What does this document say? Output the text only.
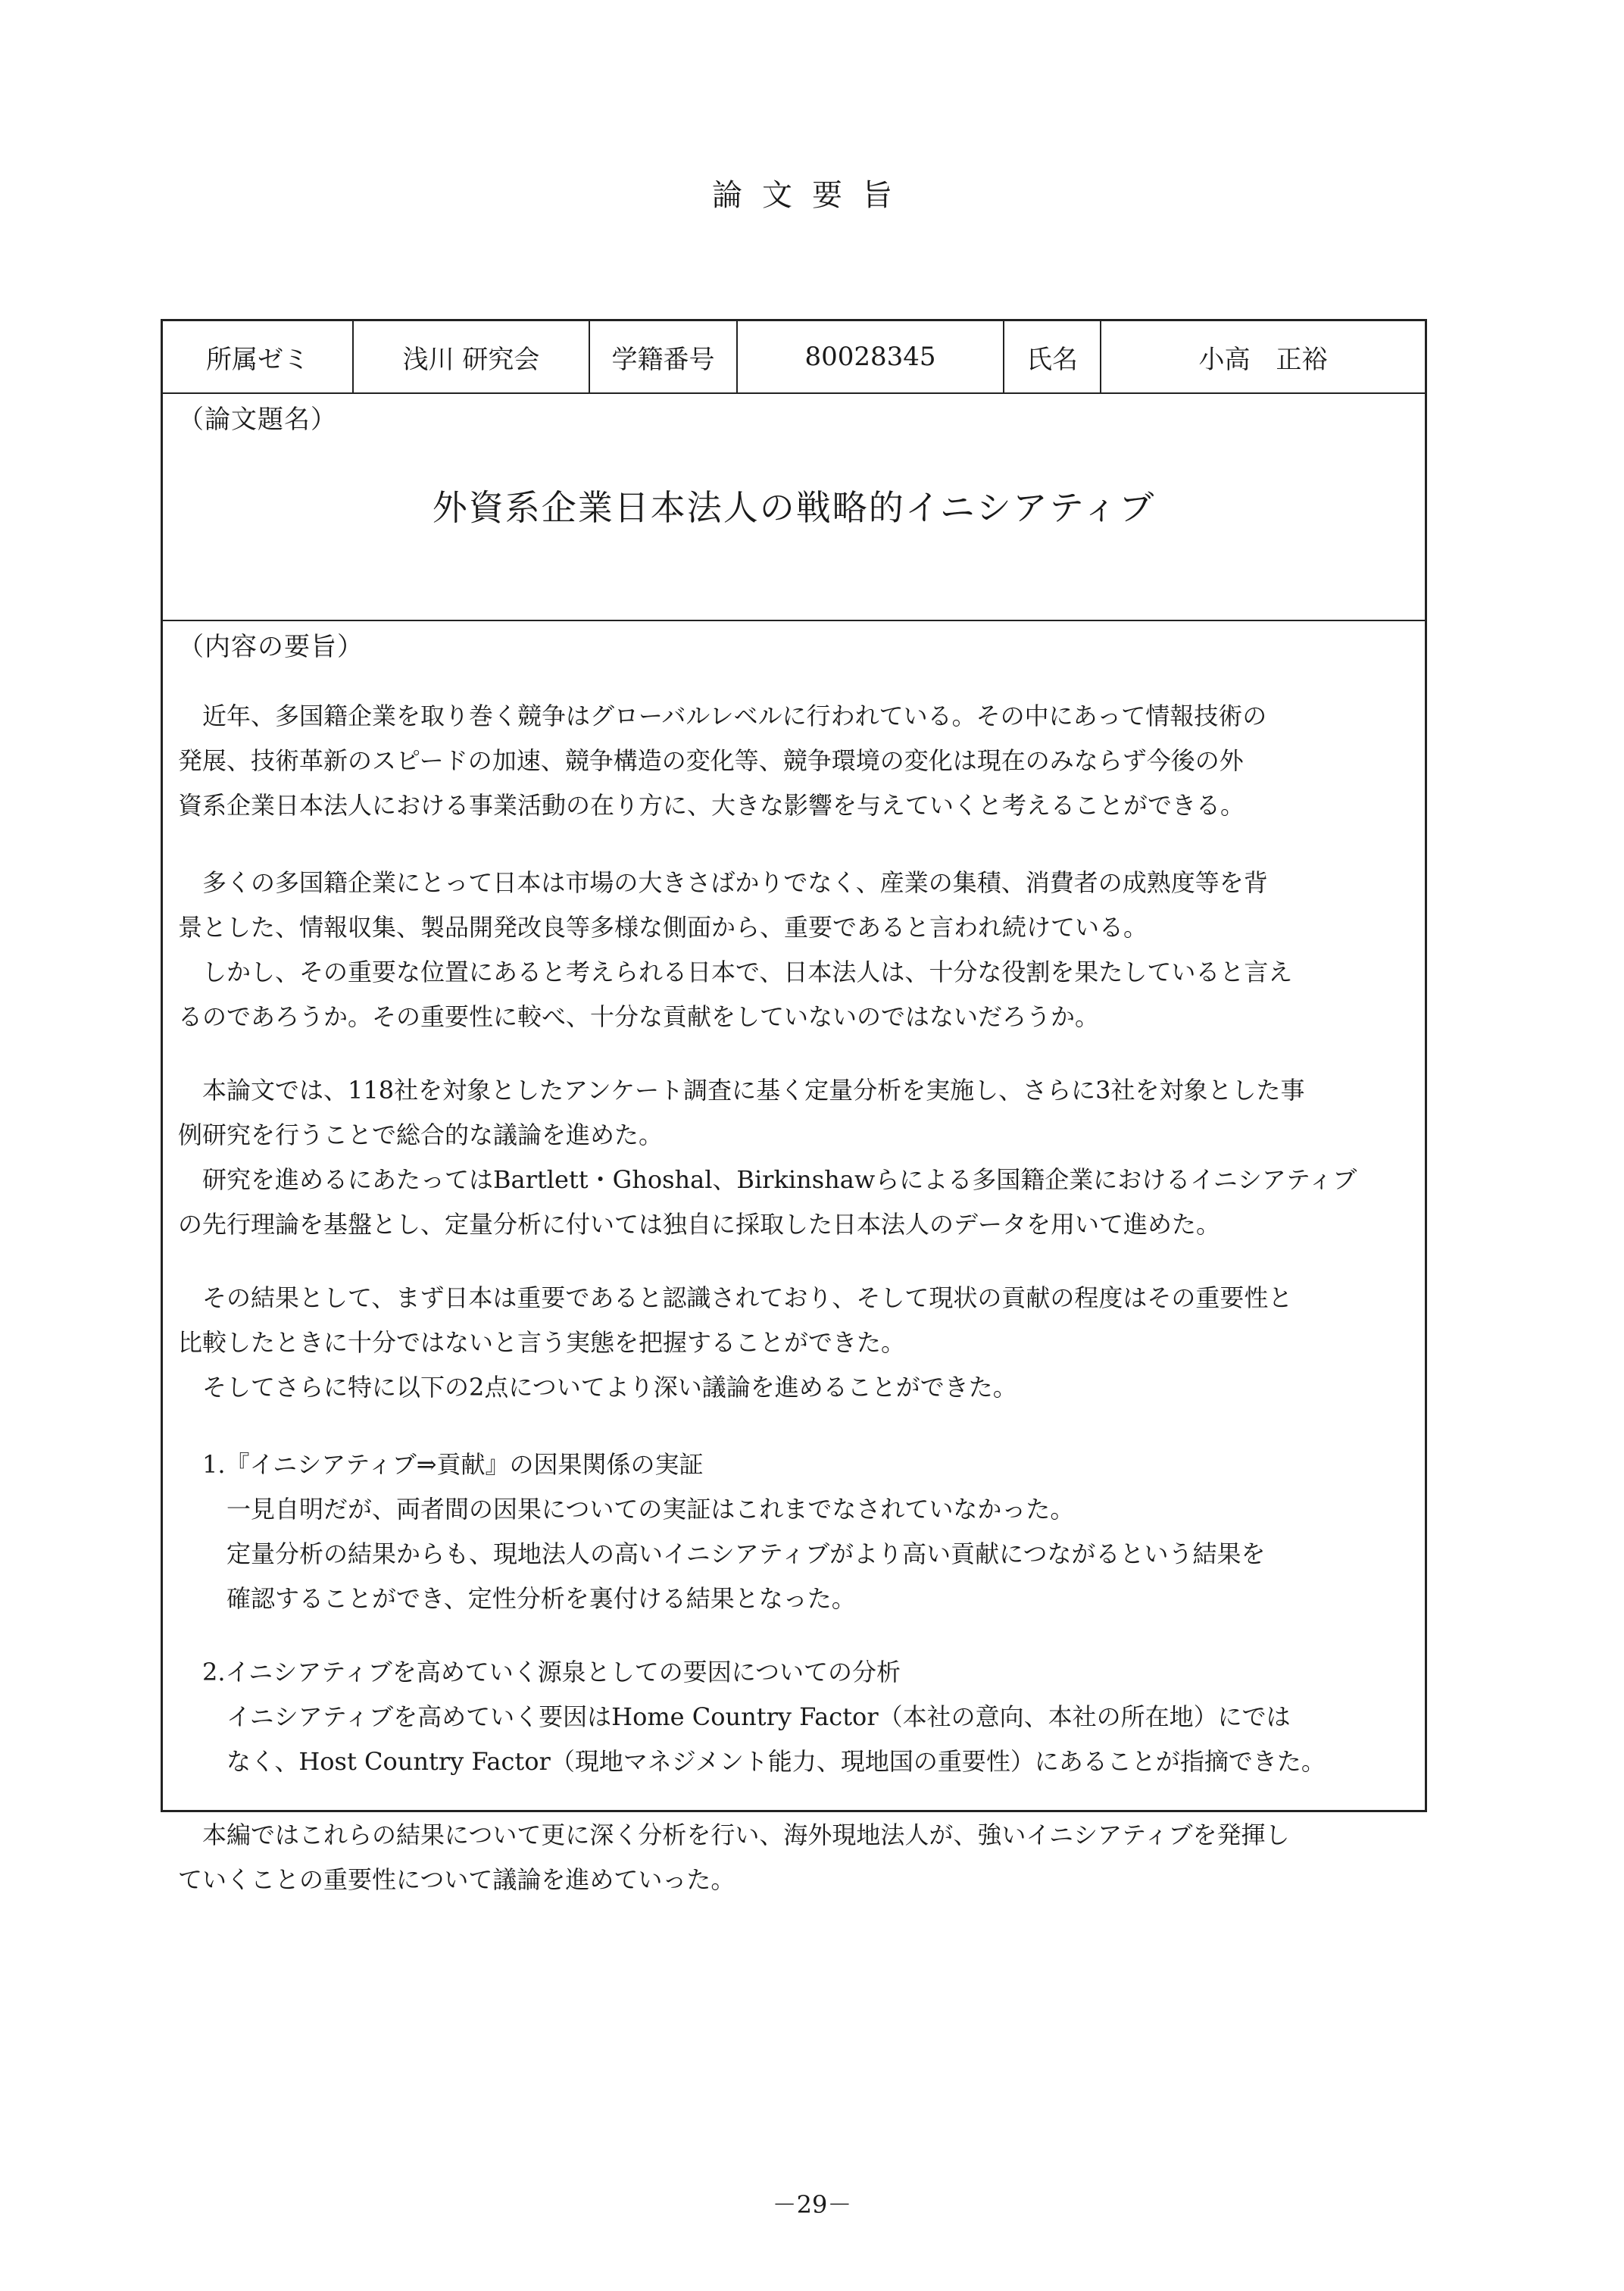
論文要旨
所属ゼミ	浅川 研究会	学籍番号	80028345	氏名	小高　正裕
（論文題名）
外資系企業日本法人の戦略的イニシアティブ
（内容の要旨）
近年、多国籍企業を取り巻く競争はグローバルレベルに行われている。その中にあって情報技術の
発展、技術革新のスピードの加速、競争構造の変化等、競争環境の変化は現在のみならず今後の外
資系企業日本法人における事業活動の在り方に、大きな影響を与えていくと考えることができる。
多くの多国籍企業にとって日本は市場の大きさばかりでなく、産業の集積、消費者の成熟度等を背
景とした、情報収集、製品開発改良等多様な側面から、重要であると言われ続けている。
しかし、その重要な位置にあると考えられる日本で、日本法人は、十分な役割を果たしていると言え
るのであろうか。その重要性に較べ、十分な貢献をしていないのではないだろうか。
本論文では、118社を対象としたアンケート調査に基く定量分析を実施し、さらに3社を対象とした事
例研究を行うことで総合的な議論を進めた。
研究を進めるにあたってはBartlett・Ghoshal、Birkinshawらによる多国籍企業におけるイニシアティブ
の先行理論を基盤とし、定量分析に付いては独自に採取した日本法人のデータを用いて進めた。
その結果として、まず日本は重要であると認識されており、そして現状の貢献の程度はその重要性と
比較したときに十分ではないと言う実態を把握することができた。
そしてさらに特に以下の2点についてより深い議論を進めることができた。
1.『イニシアティブ⇒貢献』の因果関係の実証
一見自明だが、両者間の因果についての実証はこれまでなされていなかった。
定量分析の結果からも、現地法人の高いイニシアティブがより高い貢献につながるという結果を
確認することができ、定性分析を裏付ける結果となった。
2.イニシアティブを高めていく源泉としての要因についての分析
イニシアティブを高めていく要因はHome Country Factor（本社の意向、本社の所在地）にでは
なく、Host Country Factor（現地マネジメント能力、現地国の重要性）にあることが指摘できた。
本編ではこれらの結果について更に深く分析を行い、海外現地法人が、強いイニシアティブを発揮し
ていくことの重要性について議論を進めていった。
－29－
